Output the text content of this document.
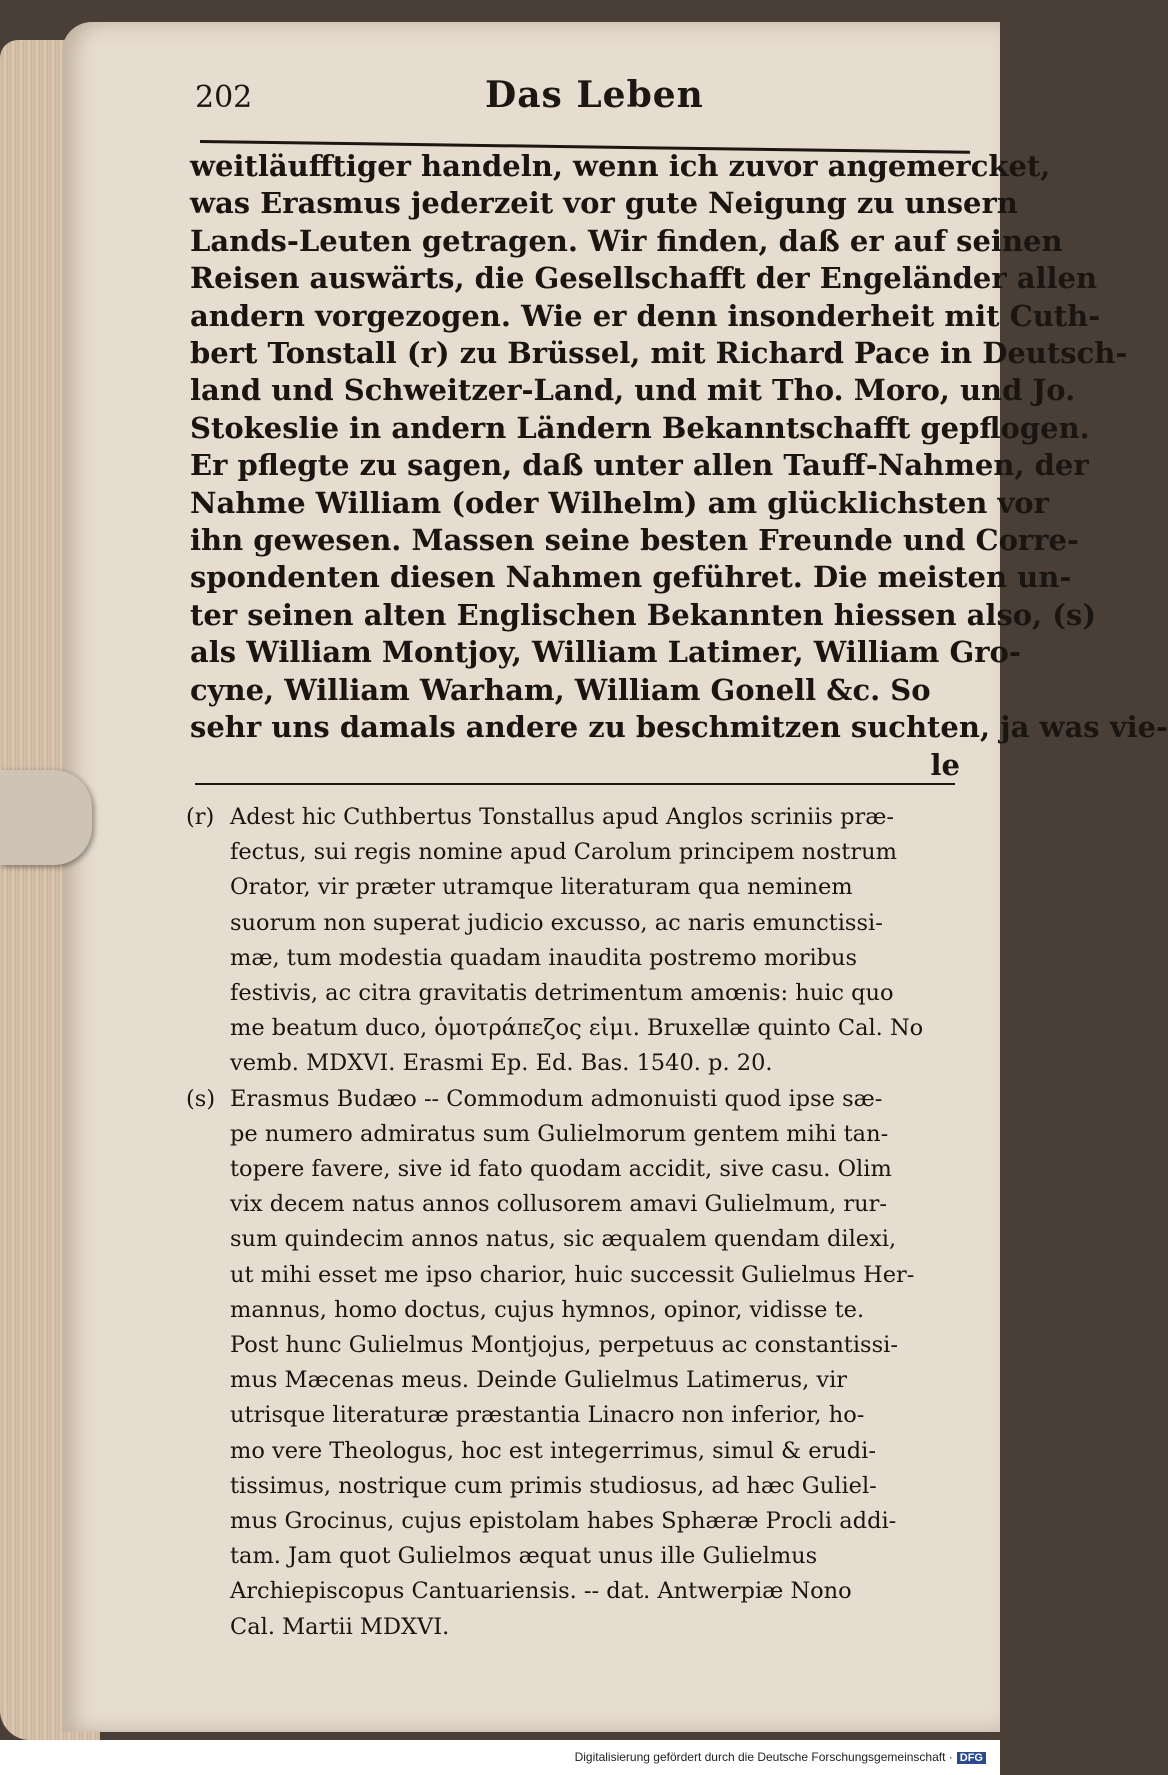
202	Das Leben
weitläufftiger handeln, wenn ich zuvor angemercket,
was Erasmus jederzeit vor gute Neigung zu unsern
Lands-Leuten getragen. Wir finden, daß er auf seinen
Reisen auswärts, die Gesellschafft der Engeländer allen
andern vorgezogen. Wie er denn insonderheit mit Cuth-
bert Tonstall (r) zu Brüssel, mit Richard Pace in Deutsch-
land und Schweitzer-Land, und mit Tho. Moro, und Jo.
Stokeslie in andern Ländern Bekanntschafft gepflogen.
Er pflegte zu sagen, daß unter allen Tauff-Nahmen, der
Nahme William (oder Wilhelm) am glücklichsten vor
ihn gewesen. Massen seine besten Freunde und Corre-
spondenten diesen Nahmen geführet. Die meisten un-
ter seinen alten Englischen Bekannten hiessen also, (s)
als William Montjoy, William Latimer, William Gro-
cyne, William Warham, William Gonell &c. So
sehr uns damals andere zu beschmitzen suchten, ja was vie-
le
(r) Adest hic Cuthbertus Tonstallus apud Anglos scriniis præ-
fectus, sui regis nomine apud Carolum principem nostrum
Orator, vir præter utramque literaturam qua neminem
suorum non superat judicio excusso, ac naris emunctissi-
mæ, tum modestia quadam inaudita postremo moribus
festivis, ac citra gravitatis detrimentum amœnis: huic quo
me beatum duco, ὁμοτράπεζος εἰμι. Bruxellæ quinto Cal. No
vemb. MDXVI. Erasmi Ep. Ed. Bas. 1540. p. 20.
(s) Erasmus Budæo -- Commodum admonuisti quod ipse sæ-
pe numero admiratus sum Gulielmorum gentem mihi tan-
topere favere, sive id fato quodam accidit, sive casu. Olim
vix decem natus annos collusorem amavi Gulielmum, rur-
sum quindecim annos natus, sic æqualem quendam dilexi,
ut mihi esset me ipso charior, huic successit Gulielmus Her-
mannus, homo doctus, cujus hymnos, opinor, vidisse te.
Post hunc Gulielmus Montjojus, perpetuus ac constantissi-
mus Mæcenas meus. Deinde Gulielmus Latimerus, vir
utrisque literaturæ præstantia Linacro non inferior, ho-
mo vere Theologus, hoc est integerrimus, simul & erudi-
tissimus, nostrique cum primis studiosus, ad hæc Guliel-
mus Grocinus, cujus epistolam habes Sphæræ Procli addi-
tam. Jam quot Gulielmos æquat unus ille Gulielmus
Archiepiscopus Cantuariensis. -- dat. Antwerpiæ Nono
Cal. Martii MDXVI.
Digitalisierung gefördert durch die Deutsche Forschungsgemeinschaft · DFG
